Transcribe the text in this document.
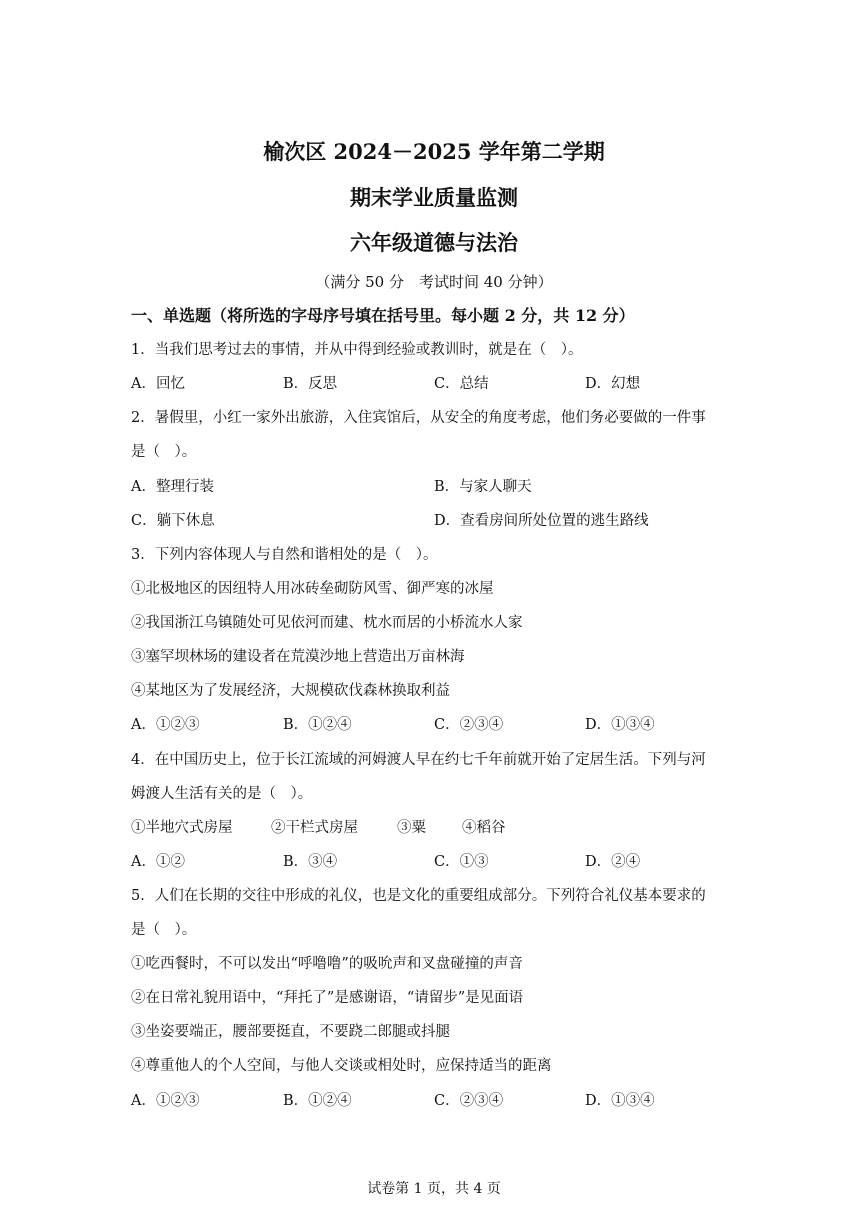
榆次区 2024－2025 学年第二学期
期末学业质量监测
六年级道德与法治
（满分 50 分　考试时间 40 分钟）
一、单选题（将所选的字母序号填在括号里。每小题 2 分，共 12 分）
1．当我们思考过去的事情，并从中得到经验或教训时，就是在（　）。
A．回忆	B．反思	C．总结	D．幻想
2．暑假里，小红一家外出旅游，入住宾馆后，从安全的角度考虑，他们务必要做的一件事
是（　）。
A．整理行装	B．与家人聊天
C．躺下休息	D．查看房间所处位置的逃生路线
3．下列内容体现人与自然和谐相处的是（　）。
①北极地区的因纽特人用冰砖垒砌防风雪、御严寒的冰屋
②我国浙江乌镇随处可见依河而建、枕水而居的小桥流水人家
③塞罕坝林场的建设者在荒漠沙地上营造出万亩林海
④某地区为了发展经济，大规模砍伐森林换取利益
A．①②③	B．①②④	C．②③④	D．①③④
4．在中国历史上，位于长江流域的河姆渡人早在约七千年前就开始了定居生活。下列与河
姆渡人生活有关的是（　）。
①半地穴式房屋	②干栏式房屋	③粟 ④稻谷
A．①②	B．③④	C．①③	D．②④
5．人们在长期的交往中形成的礼仪，也是文化的重要组成部分。下列符合礼仪基本要求的
是（　）。
①吃西餐时，不可以发出“呼噜噜”的吸吮声和叉盘碰撞的声音
②在日常礼貌用语中，“拜托了”是感谢语，“请留步”是见面语
③坐姿要端正，腰部要挺直，不要跷二郎腿或抖腿
④尊重他人的个人空间，与他人交谈或相处时，应保持适当的距离
A．①②③	B．①②④	C．②③④	D．①③④
试卷第 1 页，共 4 页
